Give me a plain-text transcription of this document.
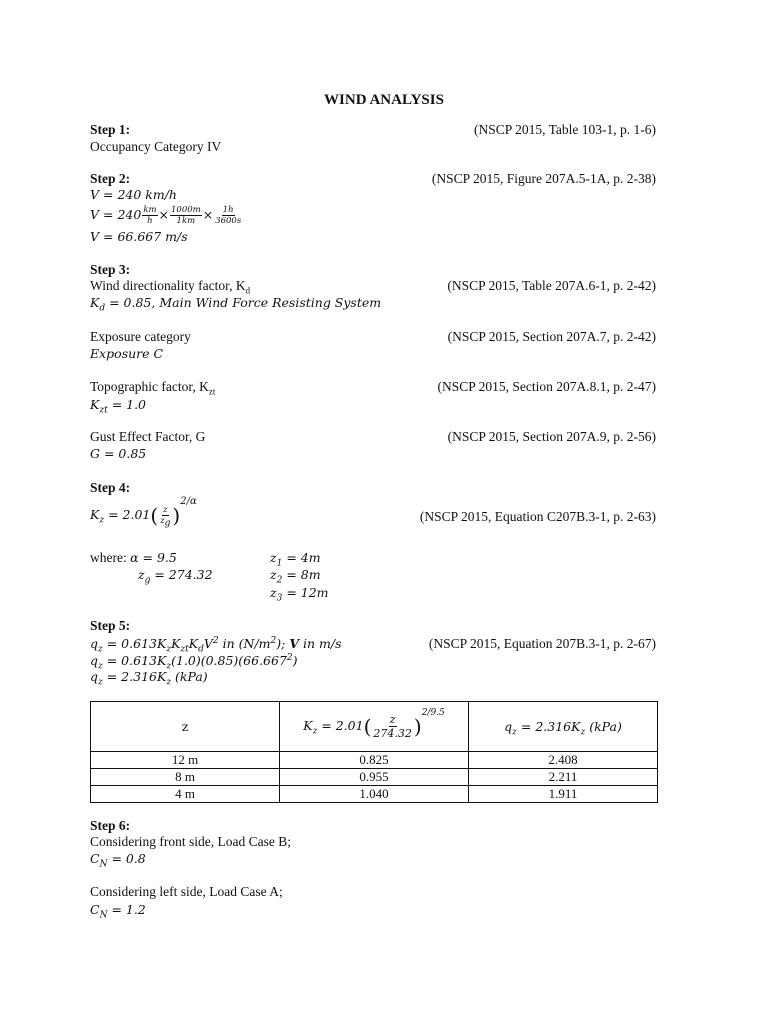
WIND ANALYSIS
Step 1:	(NSCP 2015, Table 103-1, p. 1-6)
Occupancy Category IV
Step 2:	(NSCP 2015, Figure 207A.5-1A, p. 2-38)
V = 240 km/h
$V = 240 \frac{km}{h} \times \frac{1000m}{1km} \times \frac{1h}{3600s}$
V = 66.667 m/s
Step 3:
Wind directionality factor, $K_d$	(NSCP 2015, Table 207A.6-1, p. 2-42)
$K_d = 0.85$, Main Wind Force Resisting System
Exposure category	(NSCP 2015, Section 207A.7, p. 2-42)
Exposure C
Topographic factor, $K_{zt}$	(NSCP 2015, Section 207A.8.1, p. 2-47)
$K_{zt} = 1.0$
Gust Effect Factor, G	(NSCP 2015, Section 207A.9, p. 2-56)
G = 0.85
Step 4:
$K_z = 2.01( \frac{z}{z_g} )^{2/\alpha}$
(NSCP 2015, Equation C207B.3-1, p. 2-63)
where: α = 9.5
$z_g = 274.32$
$z_1 = 4m$
$z_2 = 8m$
$z_3 = 12m$
Step 5:
$q_z = 0.613K_zK_{zt}K_dV^2$ in $(N/m^2)$; V in m/s	(NSCP 2015, Equation 207B.3-1, p. 2-67)
$q_z = 0.613K_z(1.0)(0.85)(66.667^2)$
$q_z = 2.316K_z$ (kPa)
z	$K_z = 2.01( \frac{z}{274.32} )^{2/9.5}$	$q_z = 2.316K_z$ (kPa)
12 m	0.825	2.408
8 m	0.955	2.211
4 m	1.040	1.911
Step 6:
Considering front side, Load Case B;
$C_N = 0.8$
Considering left side, Load Case A;
$C_N = 1.2$
